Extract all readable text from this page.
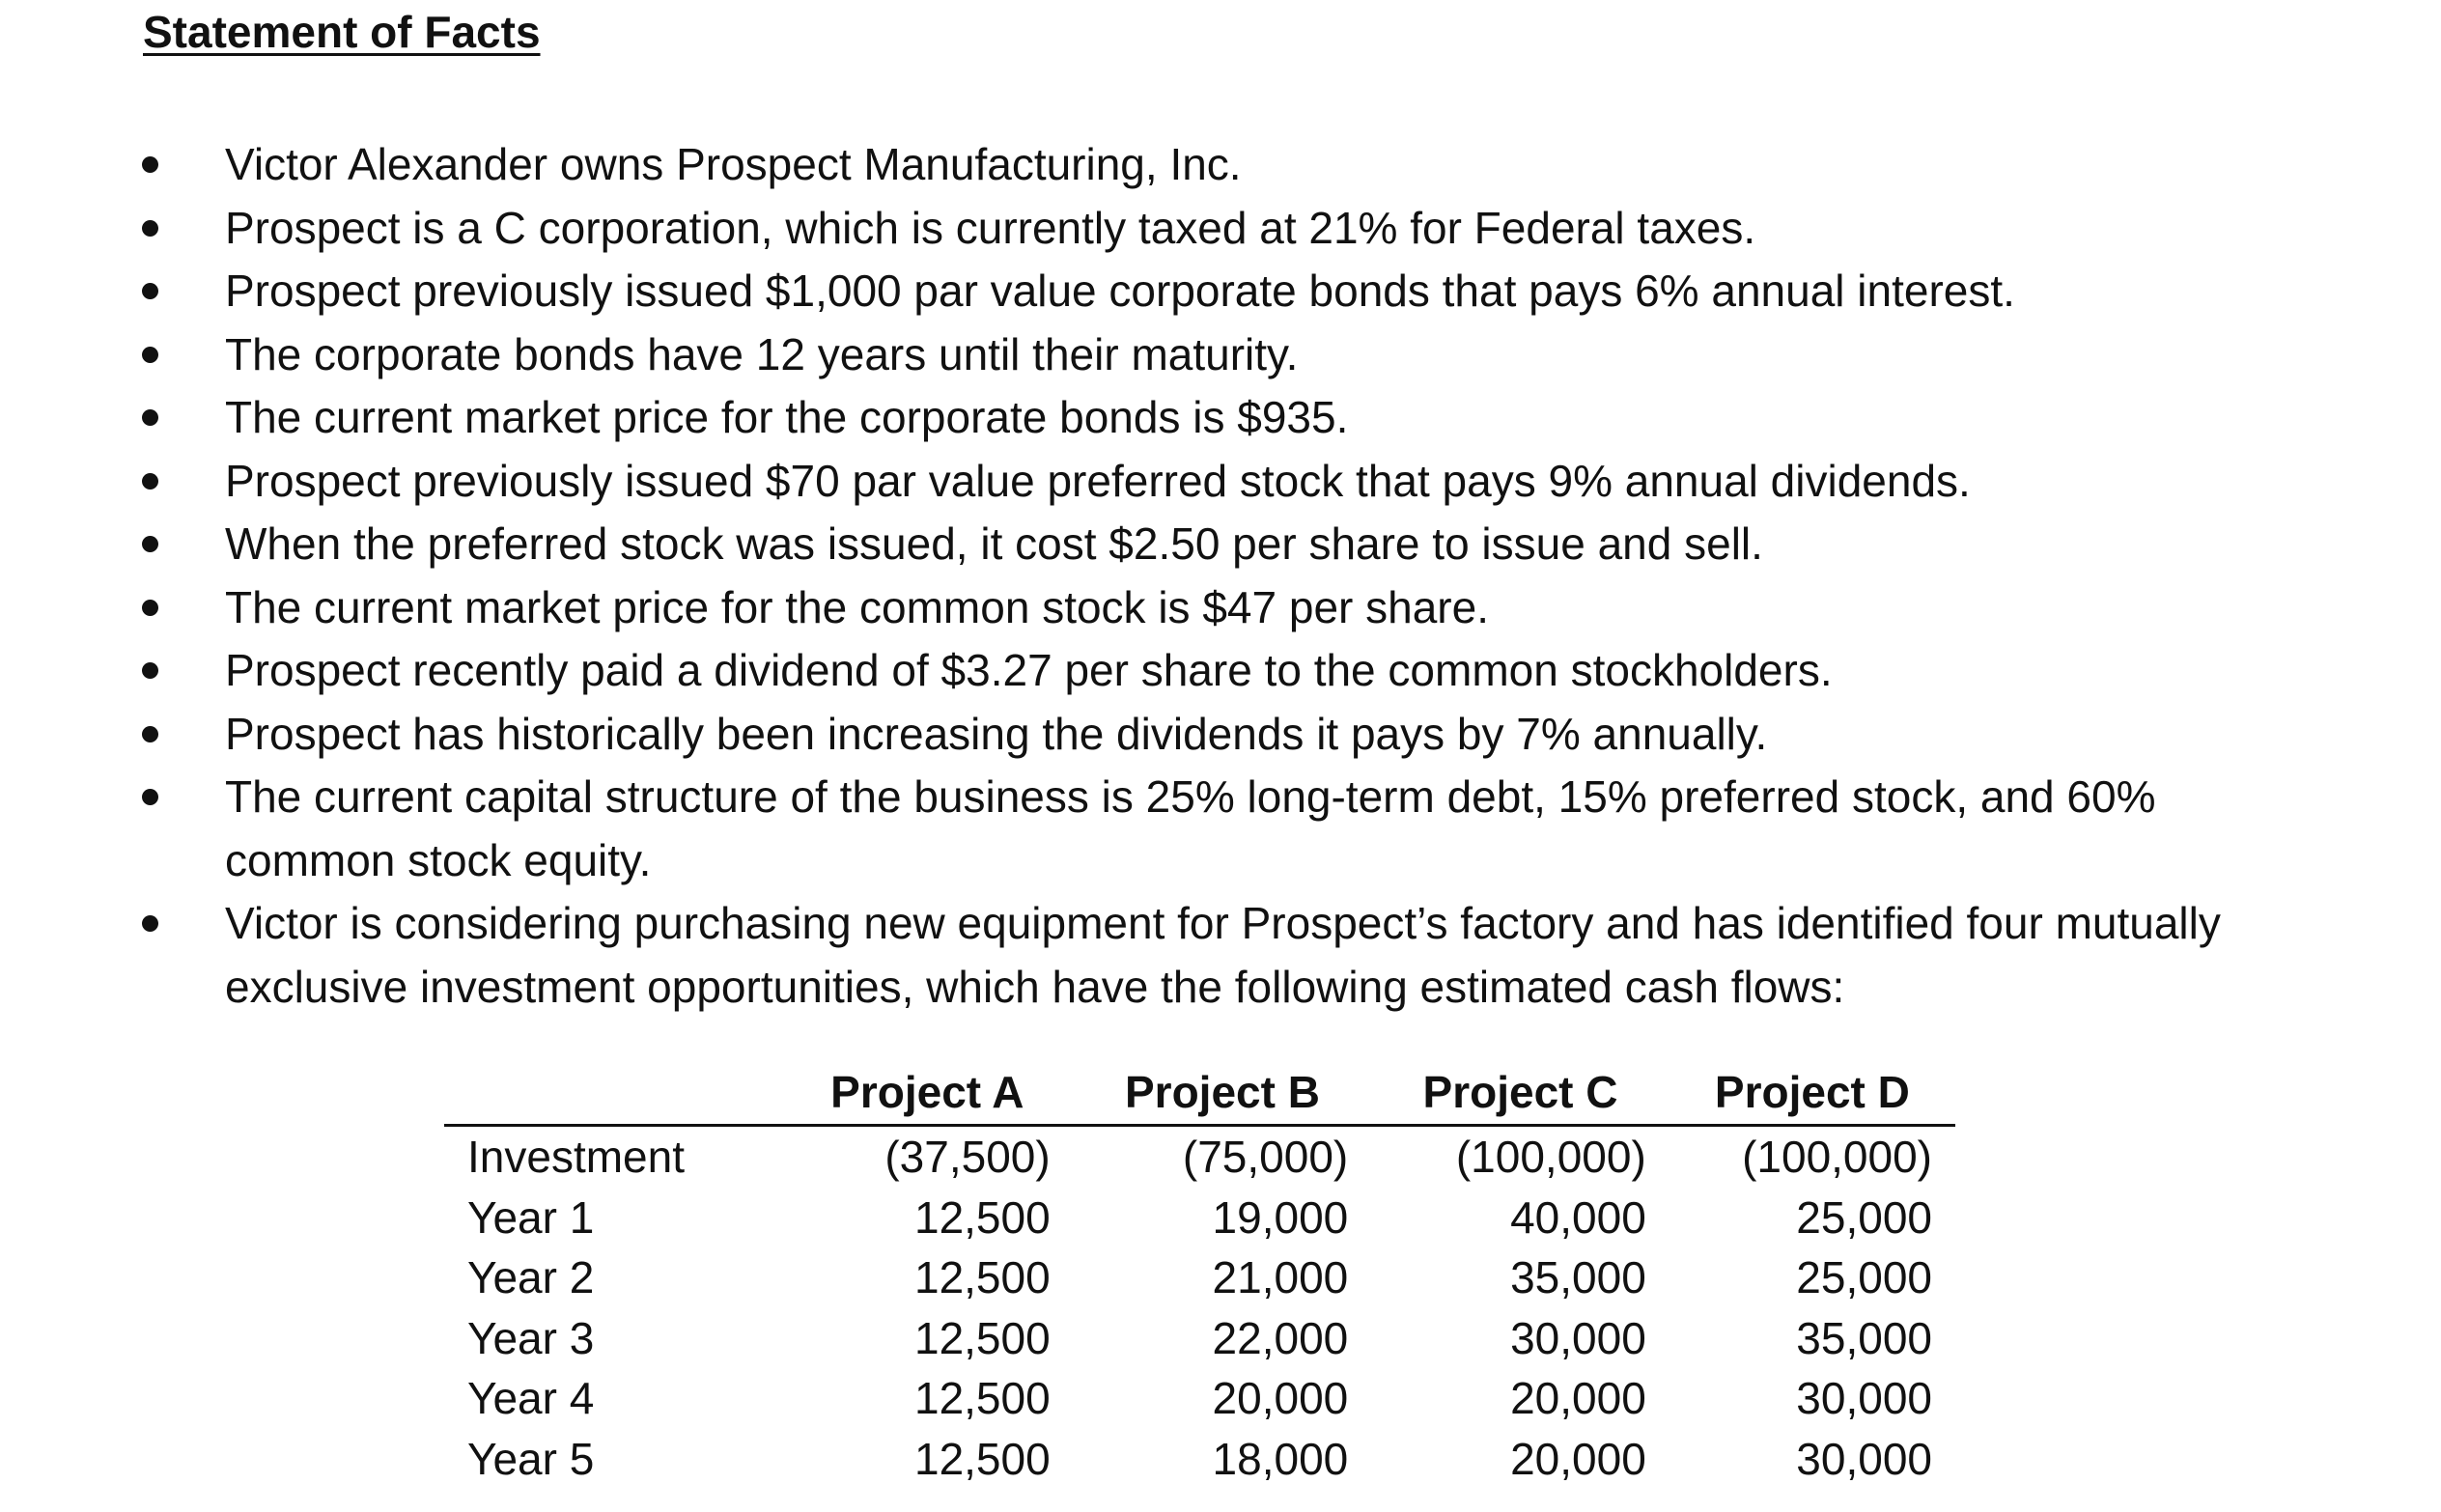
Statement of Facts
Victor Alexander owns Prospect Manufacturing, Inc.
Prospect is a C corporation, which is currently taxed at 21% for Federal taxes.
Prospect previously issued $1,000 par value corporate bonds that pays 6% annual interest.
The corporate bonds have 12 years until their maturity.
The current market price for the corporate bonds is $935.
Prospect previously issued $70 par value preferred stock that pays 9% annual dividends.
When the preferred stock was issued, it cost $2.50 per share to issue and sell.
The current market price for the common stock is $47 per share.
Prospect recently paid a dividend of $3.27 per share to the common stockholders.
Prospect has historically been increasing the dividends it pays by 7% annually.
The current capital structure of the business is 25% long-term debt, 15% preferred stock, and 60% common stock equity.
Victor is considering purchasing new equipment for Prospect’s factory and has identified four mutually exclusive investment opportunities, which have the following estimated cash flows:
	Project A	Project B	Project C	Project D
Investment	(37,500)	(75,000)	(100,000)	(100,000)
Year 1	12,500	19,000	40,000	25,000
Year 2	12,500	21,000	35,000	25,000
Year 3	12,500	22,000	30,000	35,000
Year 4	12,500	20,000	20,000	30,000
Year 5	12,500	18,000	20,000	30,000
